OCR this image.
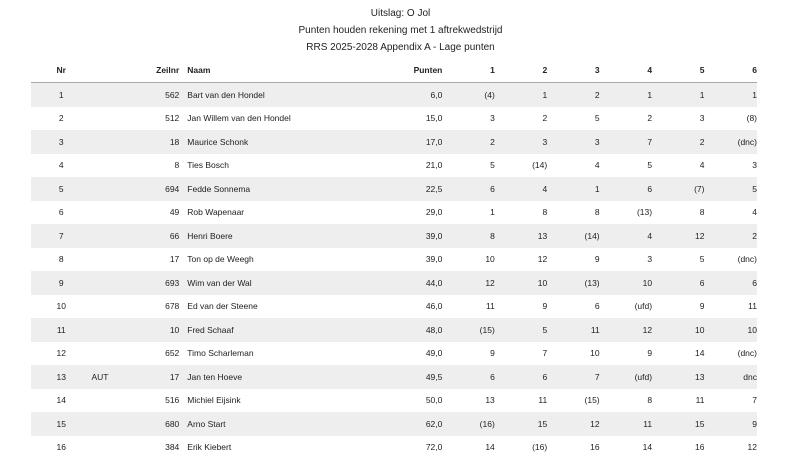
Uitslag: O Jol
Punten houden rekening met 1 aftrekwedstrijd
RRS 2025-2028 Appendix A - Lage punten
Nr		Zeilnr	Naam	Punten	1	2	3	4	5	6
1		562	Bart van den Hondel	6,0	(4)	1	2	1	1	1
2		512	Jan Willem van den Hondel	15,0	3	2	5	2	3	(8)
3		18	Maurice Schonk	17,0	2	3	3	7	2	(dnc)
4		8	Ties Bosch	21,0	5	(14)	4	5	4	3
5		694	Fedde Sonnema	22,5	6	4	1	6	(7)	5
6		49	Rob Wapenaar	29,0	1	8	8	(13)	8	4
7		66	Henri Boere	39,0	8	13	(14)	4	12	2
8		17	Ton op de Weegh	39,0	10	12	9	3	5	(dnc)
9		693	Wim van der Wal	44,0	12	10	(13)	10	6	6
10		678	Ed van der Steene	46,0	11	9	6	(ufd)	9	11
11		10	Fred Schaaf	48,0	(15)	5	11	12	10	10
12		652	Timo Scharleman	49,0	9	7	10	9	14	(dnc)
13	AUT	17	Jan ten Hoeve	49,5	6	6	7	(ufd)	13	dnc
14		516	Michiel Eijsink	50,0	13	11	(15)	8	11	7
15		680	Arno Start	62,0	(16)	15	12	11	15	9
16		384	Erik Kiebert	72,0	14	(16)	16	14	16	12
